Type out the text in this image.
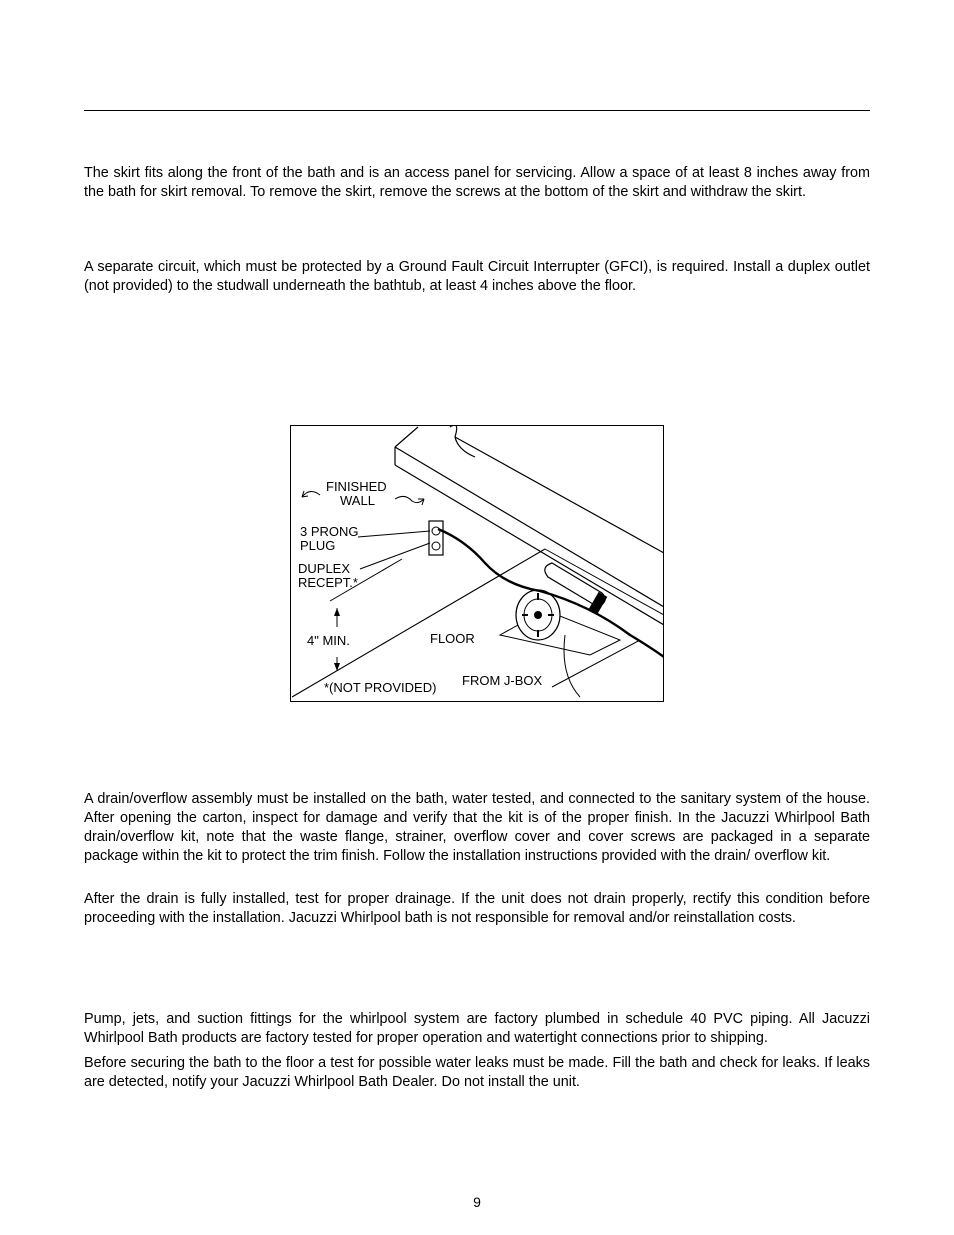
The skirt fits along the front of the bath and is an access panel for servicing. Allow a space of at least 8 inches away from the bath for skirt removal. To remove the skirt, remove the screws at the bottom of the skirt and withdraw the skirt.

A separate circuit, which must be protected by a Ground Fault Circuit Interrupter (GFCI), is required. Install a duplex outlet (not provided) to the studwall underneath the bathtub, at least 4 inches above the floor.

FINISHED
WALL
3 PRONG
PLUG
DUPLEX
RECEPT.*
4" MIN.	FLOOR
*(NOT PROVIDED) FROM J-BOX

A drain/overflow assembly must be installed on the bath, water tested, and connected to the sanitary system of the house. After opening the carton, inspect for damage and verify that the kit is of the proper finish. In the Jacuzzi Whirlpool Bath drain/overflow kit, note that the waste flange, strainer, overflow cover and cover screws are packaged in a separate package within the kit to protect the trim finish. Follow the installation instructions provided with the drain/ overflow kit.

After the drain is fully installed, test for proper drainage. If the unit does not drain properly, rectify this condition before proceeding with the installation. Jacuzzi Whirlpool bath is not responsible for removal and/or reinstallation costs.

Pump, jets, and suction fittings for the whirlpool system are factory plumbed in schedule 40 PVC piping. All Jacuzzi Whirlpool Bath products are factory tested for proper operation and watertight connections prior to shipping.

Before securing the bath to the floor a test for possible water leaks must be made. Fill the bath and check for leaks. If leaks are detected, notify your Jacuzzi Whirlpool Bath Dealer. Do not install the unit.

9
